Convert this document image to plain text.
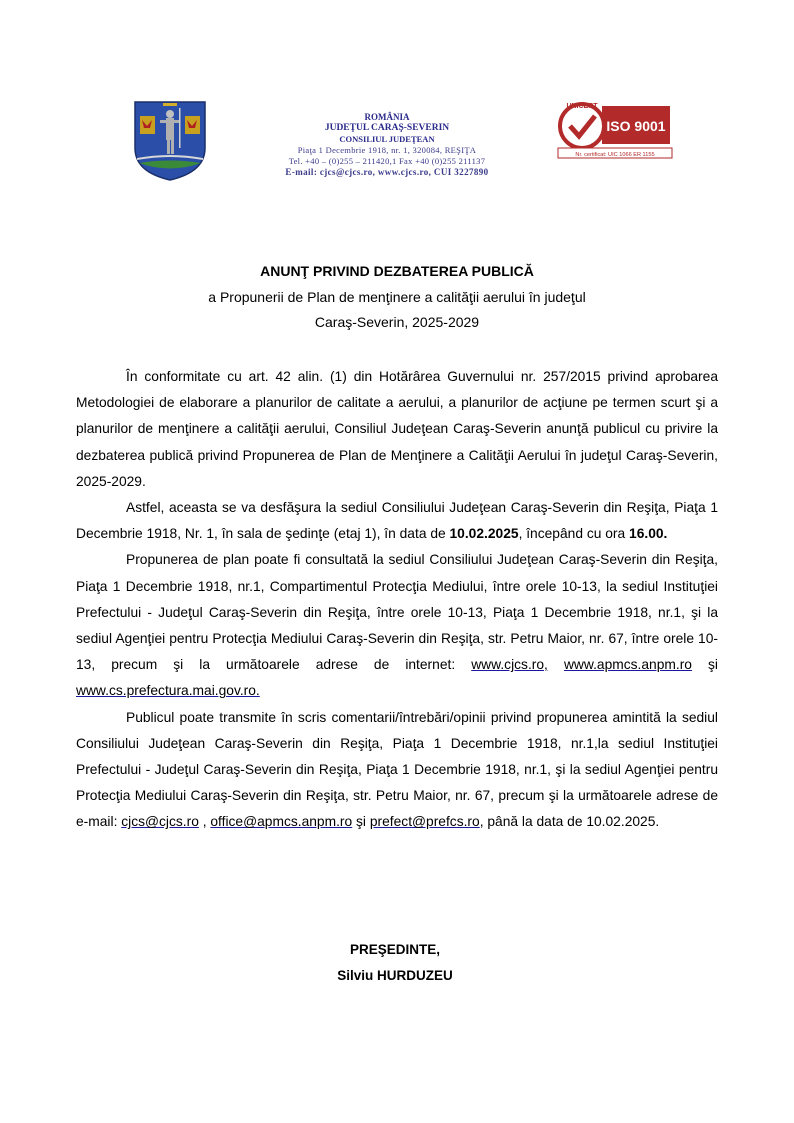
ROMÂNIA
JUDEŢUL CARAŞ-SEVERIN
CONSILIUL JUDEŢEAN
Piaţa 1 Decembrie 1918, nr. 1, 320084, REŞIŢA
Tel. +40 – (0)255 – 211420,1 Fax +40 (0)255 211137
E-mail: cjcs@cjcs.ro, www.cjcs.ro, CUI 3227890
UNICERT
ISO 9001
Nr. certificat: UIC 1066 ER 1155
ANUNŢ PRIVIND DEZBATEREA PUBLICĂ
a Propunerii de Plan de menţinere a calităţii aerului în judeţul
Caraş-Severin, 2025-2029

În conformitate cu art. 42 alin. (1) din Hotărârea Guvernului nr. 257/2015 privind aprobarea Metodologiei de elaborare a planurilor de calitate a aerului, a planurilor de acţiune pe termen scurt şi a planurilor de menţinere a calităţii aerului, Consiliul Judeţean Caraş-Severin anunţă publicul cu privire la dezbaterea publică privind Propunerea de Plan de Menţinere a Calităţii Aerului în judeţul Caraş-Severin, 2025-2029.

Astfel, aceasta se va desfăşura la sediul Consiliului Judeţean Caraş-Severin din Reşiţa, Piaţa 1 Decembrie 1918, Nr. 1, în sala de şedinţe (etaj 1), în data de 10.02.2025, începând cu ora 16.00.

Propunerea de plan poate fi consultată la sediul Consiliului Judeţean Caraş-Severin din Reşiţa, Piaţa 1 Decembrie 1918, nr.1, Compartimentul Protecţia Mediului, între orele 10-13, la sediul Instituţiei Prefectului - Judeţul Caraş-Severin din Reşiţa, între orele 10-13, Piaţa 1 Decembrie 1918, nr.1, şi la sediul Agenţiei pentru Protecţia Mediului Caraş-Severin din Reşiţa, str. Petru Maior, nr. 67, între orele 10-13, precum şi la următoarele adrese de internet: www.cjcs.ro, www.apmcs.anpm.ro şi www.cs.prefectura.mai.gov.ro.

Publicul poate transmite în scris comentarii/întrebări/opinii privind propunerea amintită la sediul Consiliului Judeţean Caraş-Severin din Reşiţa, Piaţa 1 Decembrie 1918, nr.1,la sediul Instituţiei Prefectului - Judeţul Caraş-Severin din Reşiţa, Piaţa 1 Decembrie 1918, nr.1, şi la sediul Agenţiei pentru Protecţia Mediului Caraş-Severin din Reşiţa, str. Petru Maior, nr. 67, precum şi la următoarele adrese de e-mail: cjcs@cjcs.ro , office@apmcs.anpm.ro şi prefect@prefcs.ro, până la data de 10.02.2025.

PREŞEDINTE,
Silviu HURDUZEU
